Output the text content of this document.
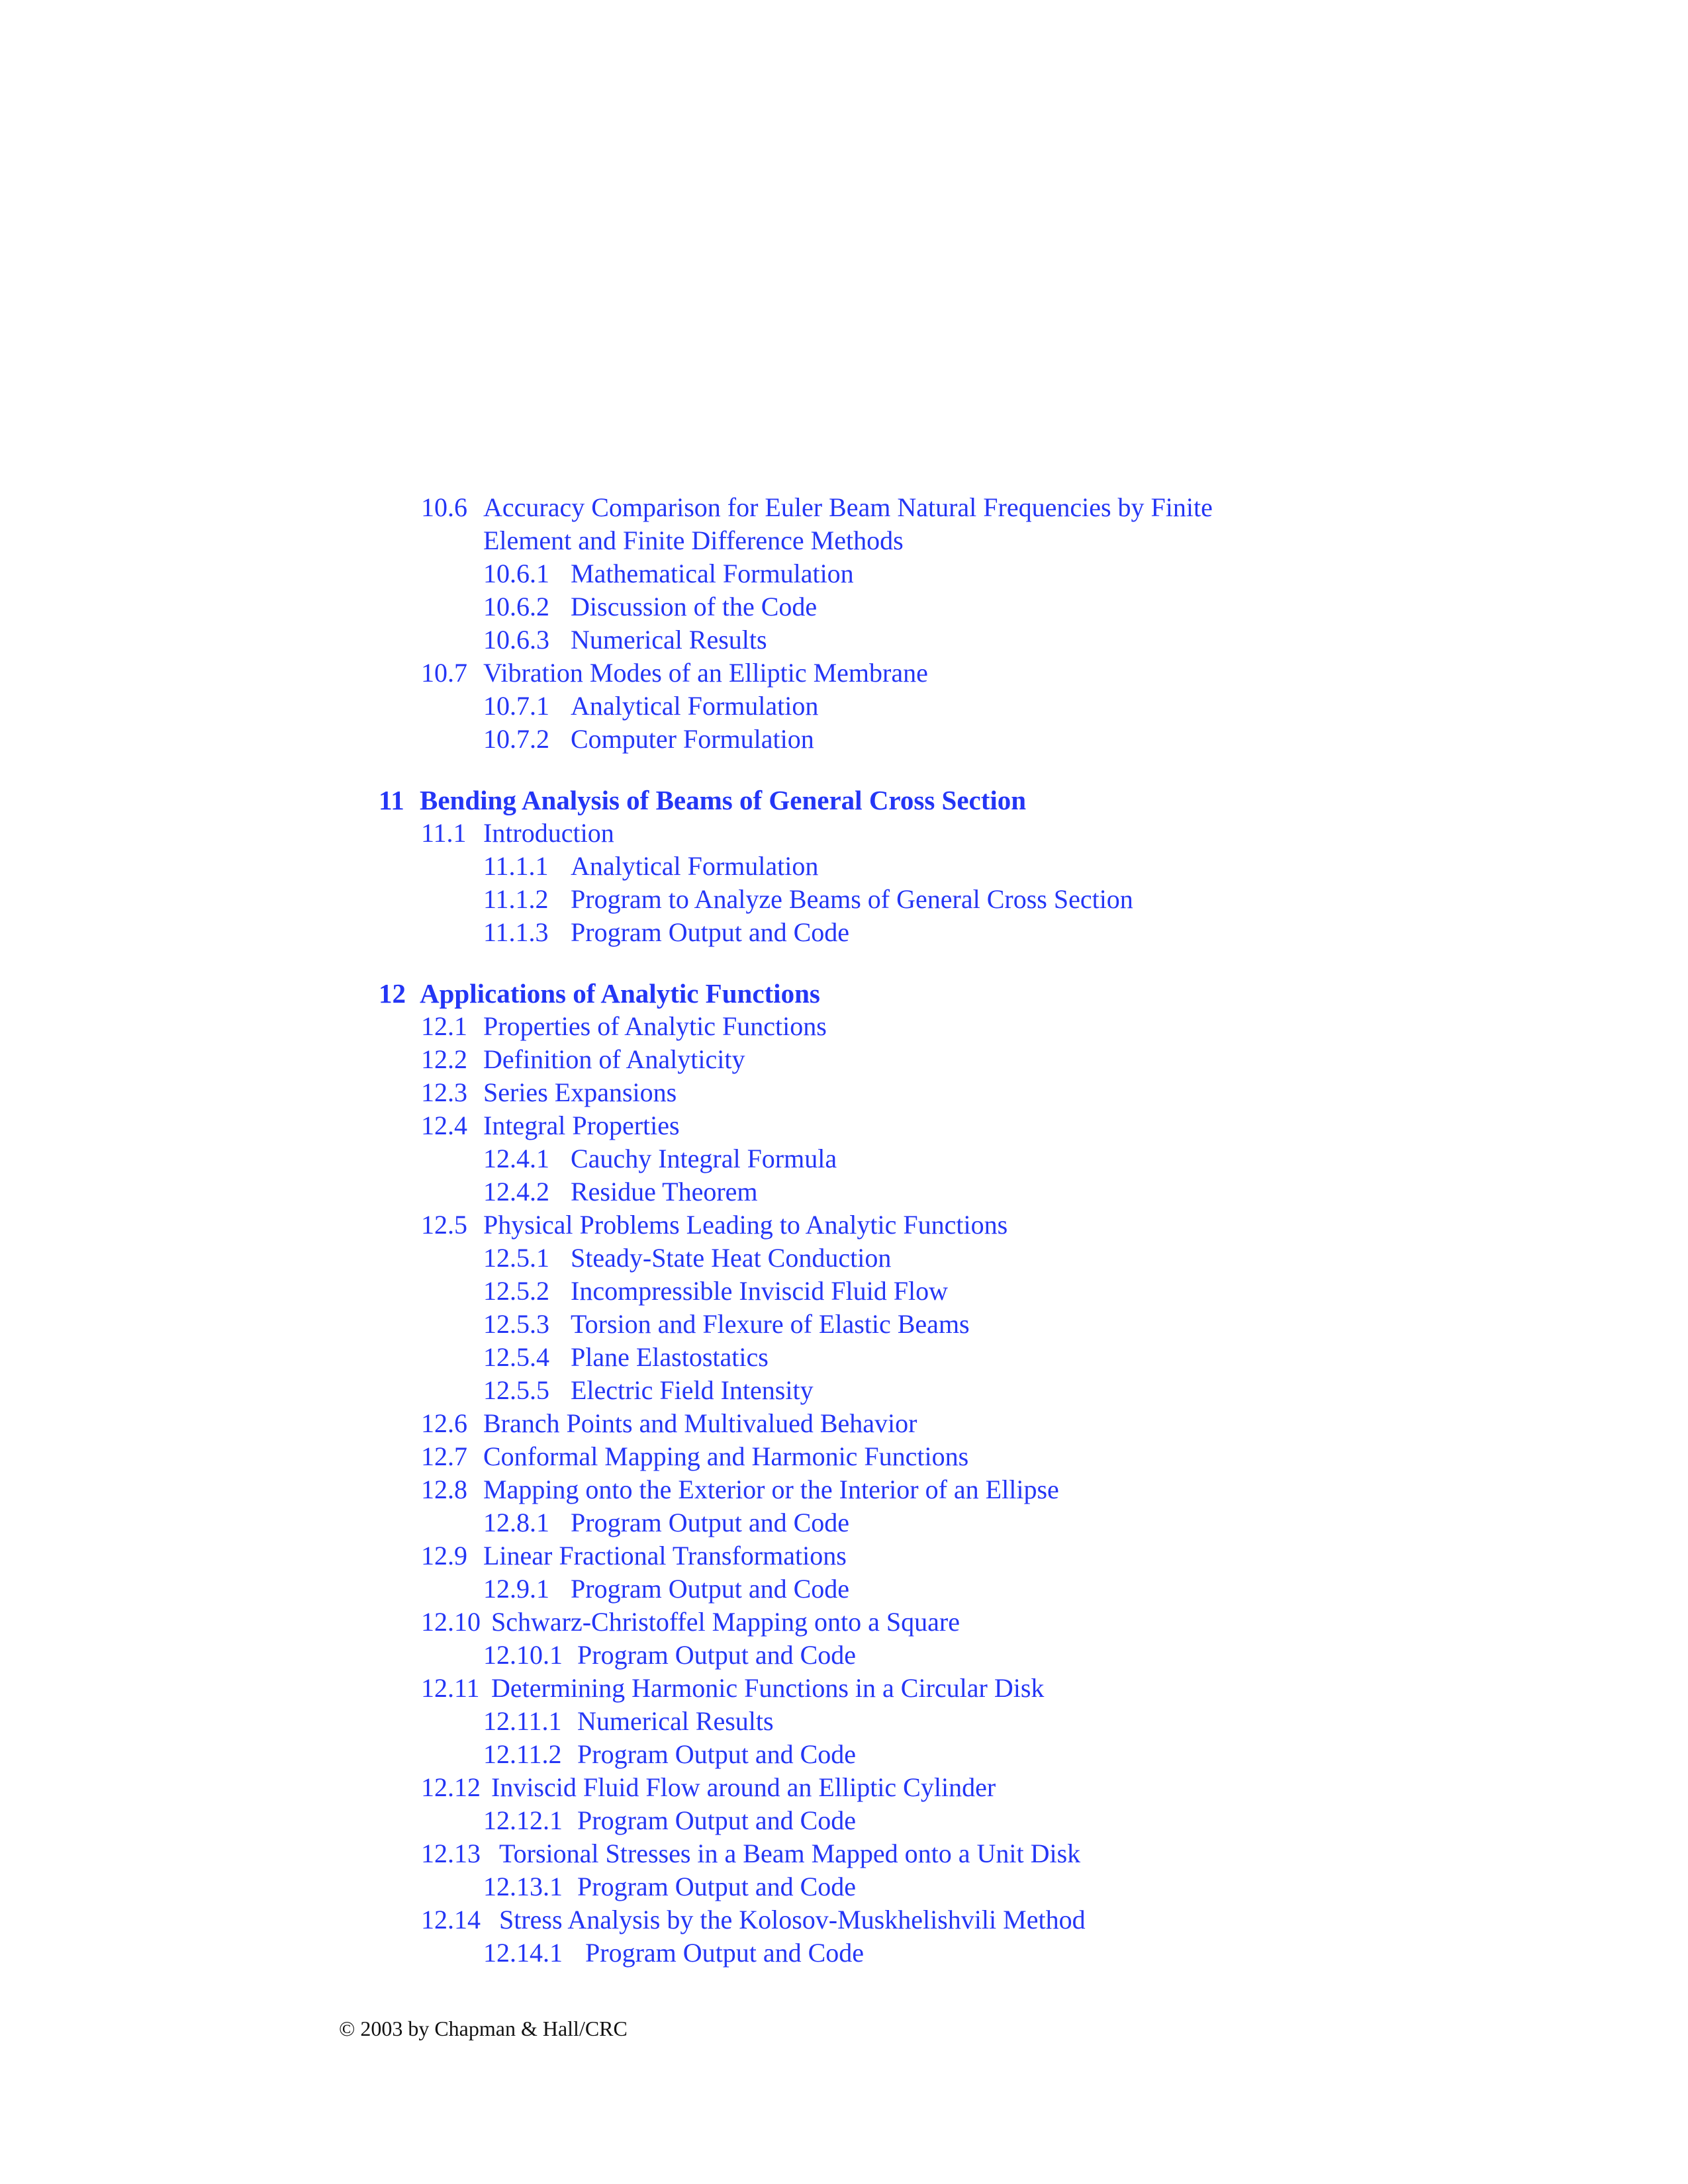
10.6 Accuracy Comparison for Euler Beam Natural Frequencies by Finite
Element and Finite Difference Methods
10.6.1 Mathematical Formulation
10.6.2 Discussion of the Code
10.6.3 Numerical Results
10.7 Vibration Modes of an Elliptic Membrane
10.7.1 Analytical Formulation
10.7.2 Computer Formulation
11 Bending Analysis of Beams of General Cross Section
11.1 Introduction
11.1.1 Analytical Formulation
11.1.2 Program to Analyze Beams of General Cross Section
11.1.3 Program Output and Code
12 Applications of Analytic Functions
12.1 Properties of Analytic Functions
12.2 Definition of Analyticity
12.3 Series Expansions
12.4 Integral Properties
12.4.1 Cauchy Integral Formula
12.4.2 Residue Theorem
12.5 Physical Problems Leading to Analytic Functions
12.5.1 Steady-State Heat Conduction
12.5.2 Incompressible Inviscid Fluid Flow
12.5.3 Torsion and Flexure of Elastic Beams
12.5.4 Plane Elastostatics
12.5.5 Electric Field Intensity
12.6 Branch Points and Multivalued Behavior
12.7 Conformal Mapping and Harmonic Functions
12.8 Mapping onto the Exterior or the Interior of an Ellipse
12.8.1 Program Output and Code
12.9 Linear Fractional Transformations
12.9.1 Program Output and Code
12.10 Schwarz-Christoffel Mapping onto a Square
12.10.1 Program Output and Code
12.11 Determining Harmonic Functions in a Circular Disk
12.11.1 Numerical Results
12.11.2 Program Output and Code
12.12 Inviscid Fluid Flow around an Elliptic Cylinder
12.12.1 Program Output and Code
12.13 Torsional Stresses in a Beam Mapped onto a Unit Disk
12.13.1 Program Output and Code
12.14 Stress Analysis by the Kolosov-Muskhelishvili Method
12.14.1 Program Output and Code
© 2003 by Chapman & Hall/CRC
